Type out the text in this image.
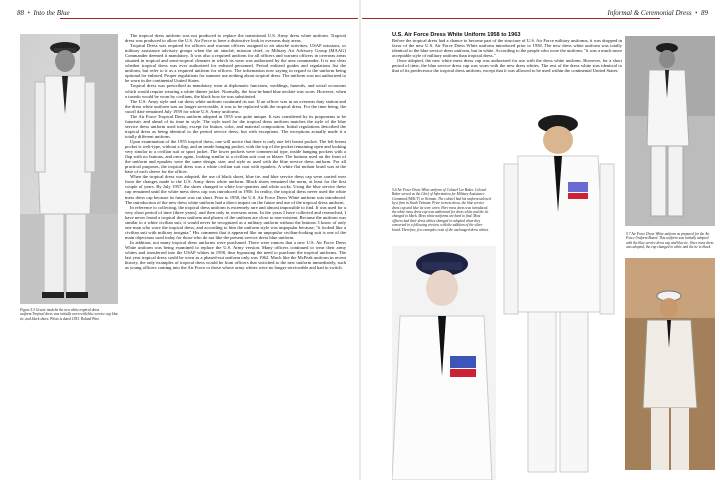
88  •  Into the Blue
Figure 5.5 Gracie modelst the new white tropical dress uniform.Tropical dress was initially worn with blue service cap blue tie, and black shoes. Photo is dated 1953. Roland Pitre.

The tropical dress uniform was not produced to replace the transitional U.S. Army dress white uniform. Tropical dress was produced to allow the U.S. Air Force to have a distinctive look in overseas duty areas.

Tropical Dress was required for officers and warrant officers assigned to air attaché activities, USAF missions, or military assistance advisory groups when the air attaché, mission chief, or Military Air Advisory Group (MAAG) Commander deemed it mandatory. It was also a required uniform for all officers and warrant officers in overseas areas situated in tropical and semi-tropical climates in which its wear was authorized by the area commander. It is not clear whether tropical dress was ever authorized for enlisted personnel. Period enlisted guides and regulations list the uniform, but refer to it as a required uniform for officers. The information now saying in regard to the uniform being optional for enlisted. Proper regulations for summer use nothing about tropical dress. The uniform was not authorized to be worn in the continental United States.

Tropical dress was prescribed as mandatory wear at diplomatic functions, weddings, funerals, and social occasions which would require wearing a white dinner jacket. Normally, the four-in-hand blue necktie was worn. However, when a tuxedo would be worn by civilians, the black bow tie was substituted.

The U.S. Army style and cut dress white uniform continued its use. If an officer was in an overseas duty station and the dress white uniform was no longer serviceable, it was to be replaced with the tropical dress. For the time being, the cutoff date remained July 1959 for white U.S. Army uniforms.

The Air Force Tropical Dress uniform adopted in 1955 was quite unique. It was considered by its proponents to be futuristic and ahead of its time in style. The style used for the tropical dress uniform matches the style of the blue service dress uniform used today, except for button, color, and material composition. Initial regulations described the tropical dress as being identical to the period service dress, but with exceptions. The exceptions actually made it a totally different uniform.

Upon examination of the 1955 tropical dress, one will notice that there is only one left breast pocket. The left breast pocket is welt-type, without a flap, and an inside hanging pocket, with the top of the pocket remaining open and looking very similar to a civilian suit or sport jacket. The lower pockets were commercial type, inside hanging pockets with a flap with no buttons, and once again, looking similar to a civilian suit coat or blazer. The buttons used on the front of the uniform and epaulets were the same design, size, and style as used with the blue service dress uniform. For all practical purposes, the tropical dress was a white civilian suit coat with epaulets. A white flat mohair braid was at the base of each sleeve for the officer.

When the tropical dress was adopted, the use of black shoes, blue tie, and blue service dress cap were carried over from the changes made to the U.S. Army dress white uniform. Black shoes remained the norm, at least for the first couple of years. By July 1957, the shoes changed to white low-quarters and white socks. Using the blue service dress cap remained until the white mess dress cap was introduced in 1956. In reality, the tropical dress never used the white mess dress cap because its future was cut short. Prior to 1958, the U.S. Air Force Dress White uniform was introduced. The introduction of the new dress white uniform had a direct impact on the future and use of the tropical dress uniform.

In reference to collecting, the tropical dress uniform is extremely rare and almost impossible to find. It was used for a very short period of time (three years), and then only in overseas areas. In the years I have collected and researched, I have never found a tropical dress uniform and photos of the uniform are close to non-existent. Because the uniform was similar to a white civilian suit, it would never be recognized as a military uniform without the buttons. I know of only one man who wore the tropical dress, and according to him the uniform style was unpopular because, "it looked like a civilian suit with military insignia." His comment that it appeared like an unpopular civilian-looking suit is one of the main objections used today for those who do not like the present service dress blue uniform.

In addition, not many tropical dress uniforms were purchased. There were rumors that a new U.S. Air Force Dress White uniform was being examined to replace the U.S. Army version. Many officers continued to wear their army whites and transferred into the USAF whites in 1958, thus bypassing the need to purchase the tropical uniforms. The last year tropical dress could be worn as a phased-out uniform only was 1962. Much like the McPeak uniform in recent history, the only examples of tropical dress would be from officers that switched to the new uniform immediately, such as young officers coming into the Air Force or those whose army whites were no longer serviceable and had to switch.

Informal & Ceremonial Dress  •  89

U.S. Air Force Dress White Uniform 1958 to 1963

Before the tropical dress had a chance to become part of the structure of U.S. Air Force military uniforms, it was dropped in favor of the new U.S. Air Force Dress White uniform introduced prior to 1958. The new dress white uniform was totally identical to the blue service dress uniform, but in white. According to the people who wore the uniform, "it was a much more acceptable style of military uniform than tropical dress."

Once adopted, the new white mess dress cap was authorized for use with the dress white uniform. However, for a short period of time, the blue service dress cap was worn with the new dress whites. The rest of the dress white was identical to that of its predecessor the tropical dress uniform, except that it was allowed to be used within the continental United States.

5.7 Air Force Dress White uniform as prepared for the Air Force Uniform Board. This uniform was initially adopted with the blue service dress cap and blue tie. Once mess dress was adopted, the cap changed to white and the tie to black.
5.6 Air Force Dress White uniform of Colonel Lee Baker. Colonel Baker served as the Chief of Information for Military Assistance Command (MACV) in Vietnam. The colonel had his uniform tailored by a firm in South Vietnam. Prior to mess dress, the blue service dress cap and blue tie were worn. Here mess dress was introduced, the white mess dress cap was authorized for dress white and the tie changed to black. Mess white uniforms are hard to find. Most officers had their dress whites changed or adapted when they converted to a following version, with the addition of the silver braid. Therefore, few examples exist of the unchanged dress whites.
